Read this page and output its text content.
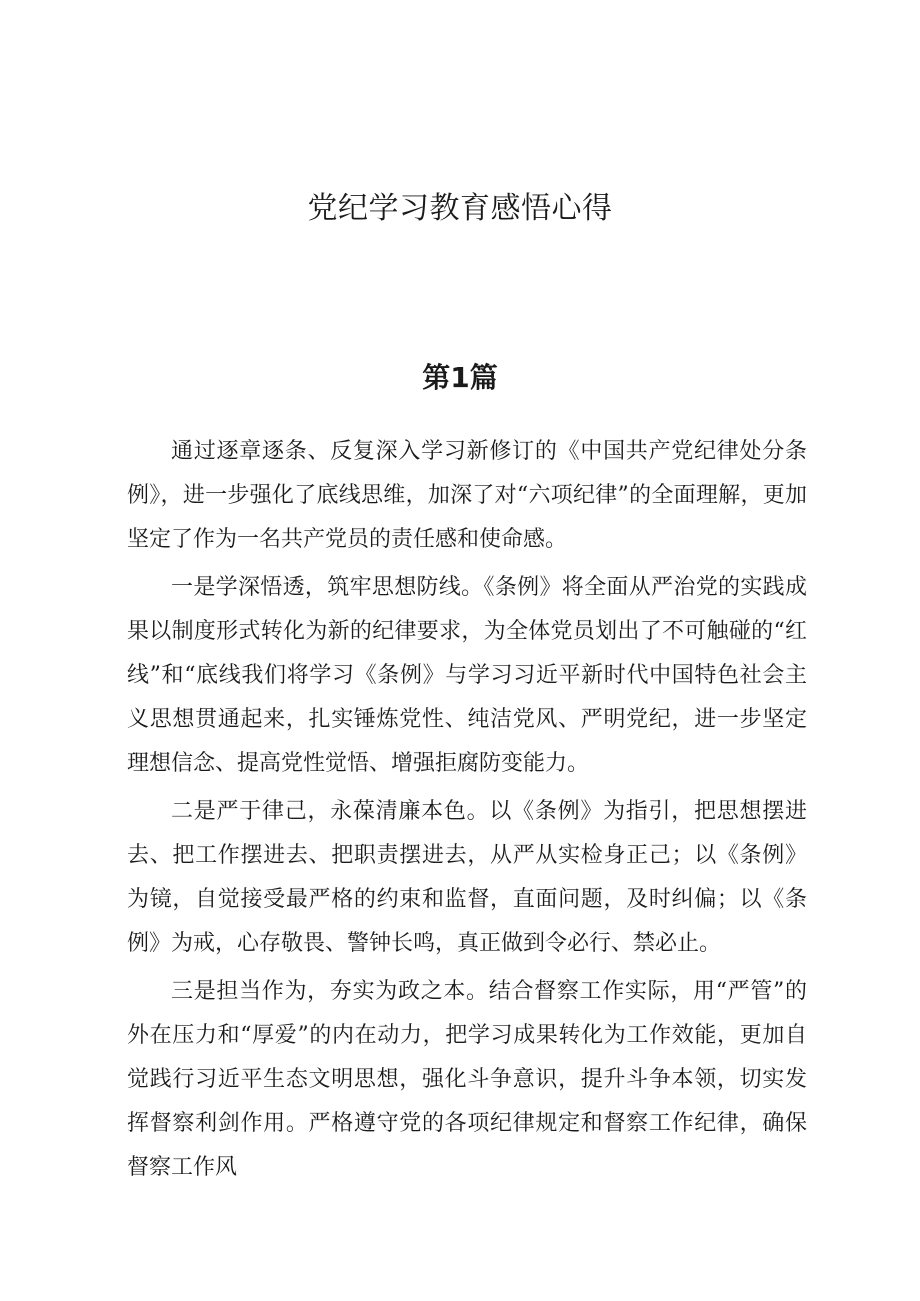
党纪学习教育感悟心得
第1篇

通过逐章逐条、反复深入学习新修订的《中国共产党纪律处分条例》，进一步强化了底线思维，加深了对“六项纪律”的全面理解，更加坚定了作为一名共产党员的责任感和使命感。

一是学深悟透，筑牢思想防线。《条例》将全面从严治党的实践成果以制度形式转化为新的纪律要求，为全体党员划出了不可触碰的“红线”和“底线我们将学习《条例》与学习习近平新时代中国特色社会主义思想贯通起来，扎实锤炼党性、纯洁党风、严明党纪，进一步坚定理想信念、提高党性觉悟、增强拒腐防变能力。

二是严于律己，永葆清廉本色。以《条例》为指引，把思想摆进去、把工作摆进去、把职责摆进去，从严从实检身正己；以《条例》为镜，自觉接受最严格的约束和监督，直面问题，及时纠偏；以《条例》为戒，心存敬畏、警钟长鸣，真正做到令必行、禁必止。

三是担当作为，夯实为政之本。结合督察工作实际，用“严管”的外在压力和“厚爱”的内在动力，把学习成果转化为工作效能，更加自觉践行习近平生态文明思想，强化斗争意识，提升斗争本领，切实发挥督察利剑作用。严格遵守党的各项纪律规定和督察工作纪律，确保督察工作风
